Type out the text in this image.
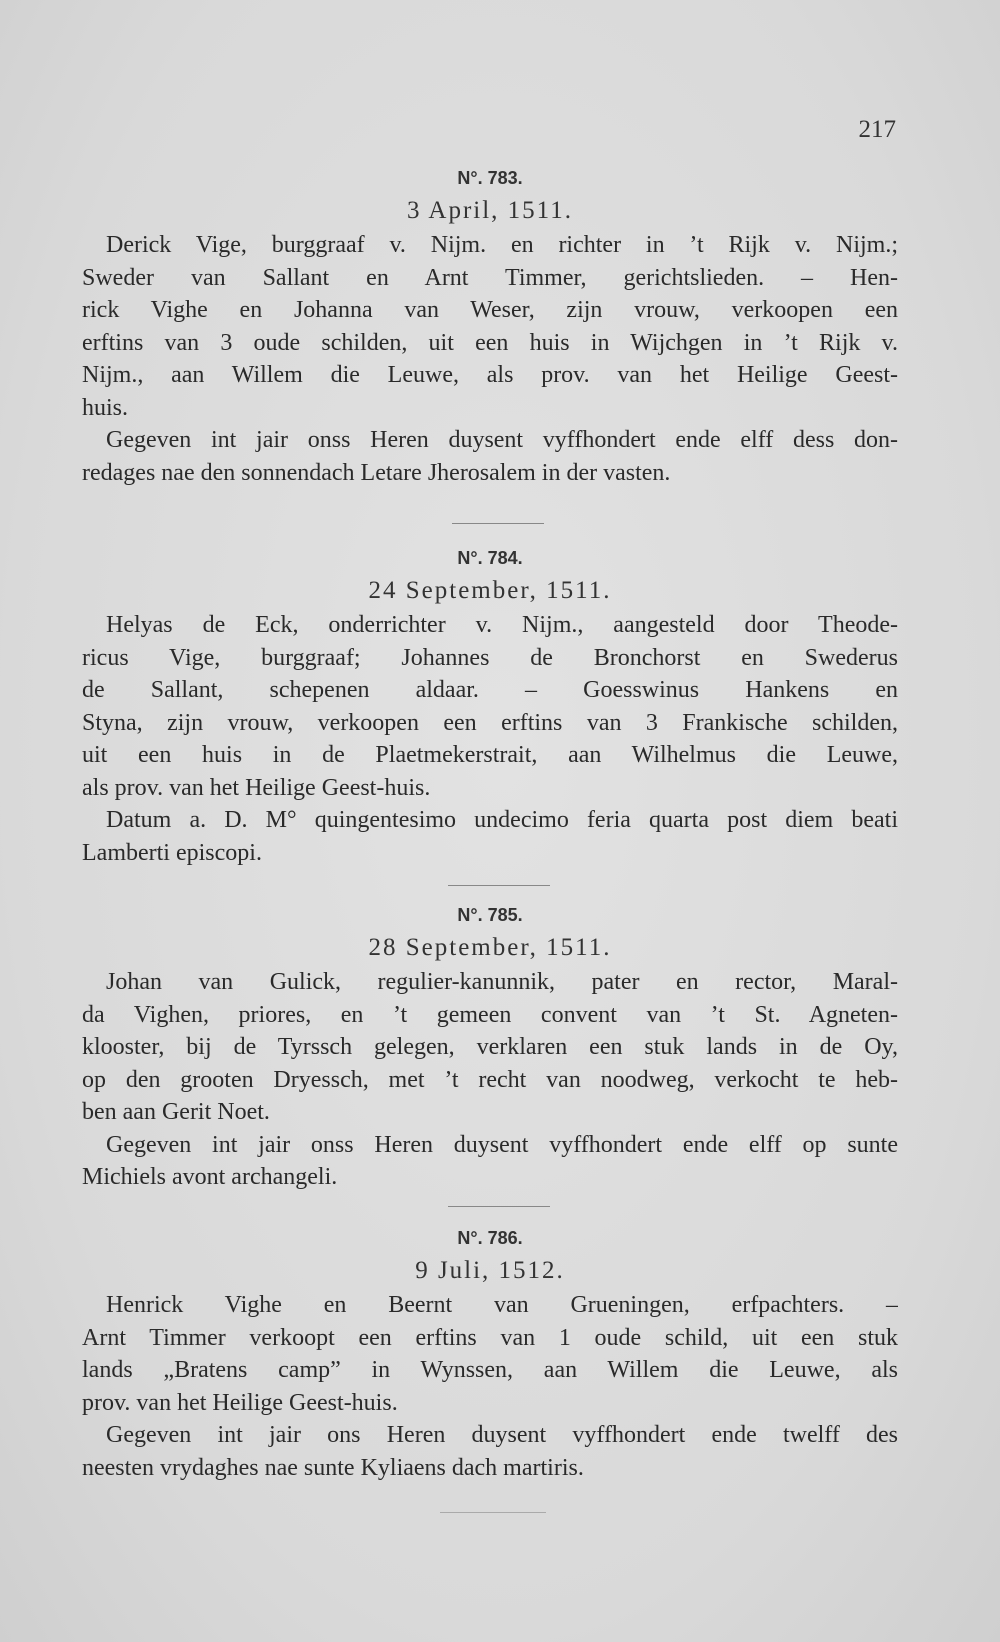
217

N°. 783.

3 April, 1511.

Derick Vige, burggraaf v. Nijm. en richter in ’t Rijk v. Nijm.;
Sweder van Sallant en Arnt Timmer, gerichtslieden. – Hen-
rick Vighe en Johanna van Weser, zijn vrouw, verkoopen een
erftins van 3 oude schilden, uit een huis in Wijchgen in ’t Rijk v.
Nijm., aan Willem die Leuwe, als prov. van het Heilige Geest-
huis.
Gegeven int jair onss Heren duysent vyffhondert ende elff dess don-
redages nae den sonnendach Letare Jherosalem in der vasten.

N°. 784.

24 September, 1511.

Helyas de Eck, onderrichter v. Nijm., aangesteld door Theode-
ricus Vige, burggraaf; Johannes de Bronchorst en Swederus
de Sallant, schepenen aldaar. – Goesswinus Hankens en
Styna, zijn vrouw, verkoopen een erftins van 3 Frankische schilden,
uit een huis in de Plaetmekerstrait, aan Wilhelmus die Leuwe,
als prov. van het Heilige Geest-huis.
Datum a. D. M° quingentesimo undecimo feria quarta post diem beati
Lamberti episcopi.

N°. 785.

28 September, 1511.

Johan van Gulick, regulier-kanunnik, pater en rector, Maral-
da Vighen, priores, en ’t gemeen convent van ’t St. Agneten-
klooster, bij de Tyrssch gelegen, verklaren een stuk lands in de Oy,
op den grooten Dryessch, met ’t recht van noodweg, verkocht te heb-
ben aan Gerit Noet.
Gegeven int jair onss Heren duysent vyffhondert ende elff op sunte
Michiels avont archangeli.

N°. 786.

9 Juli, 1512.

Henrick Vighe en Beernt van Grueningen, erfpachters. –
Arnt Timmer verkoopt een erftins van 1 oude schild, uit een stuk
lands „Bratens camp” in Wynssen, aan Willem die Leuwe, als
prov. van het Heilige Geest-huis.
Gegeven int jair ons Heren duysent vyffhondert ende twelff des
neesten vrydaghes nae sunte Kyliaens dach martiris.
